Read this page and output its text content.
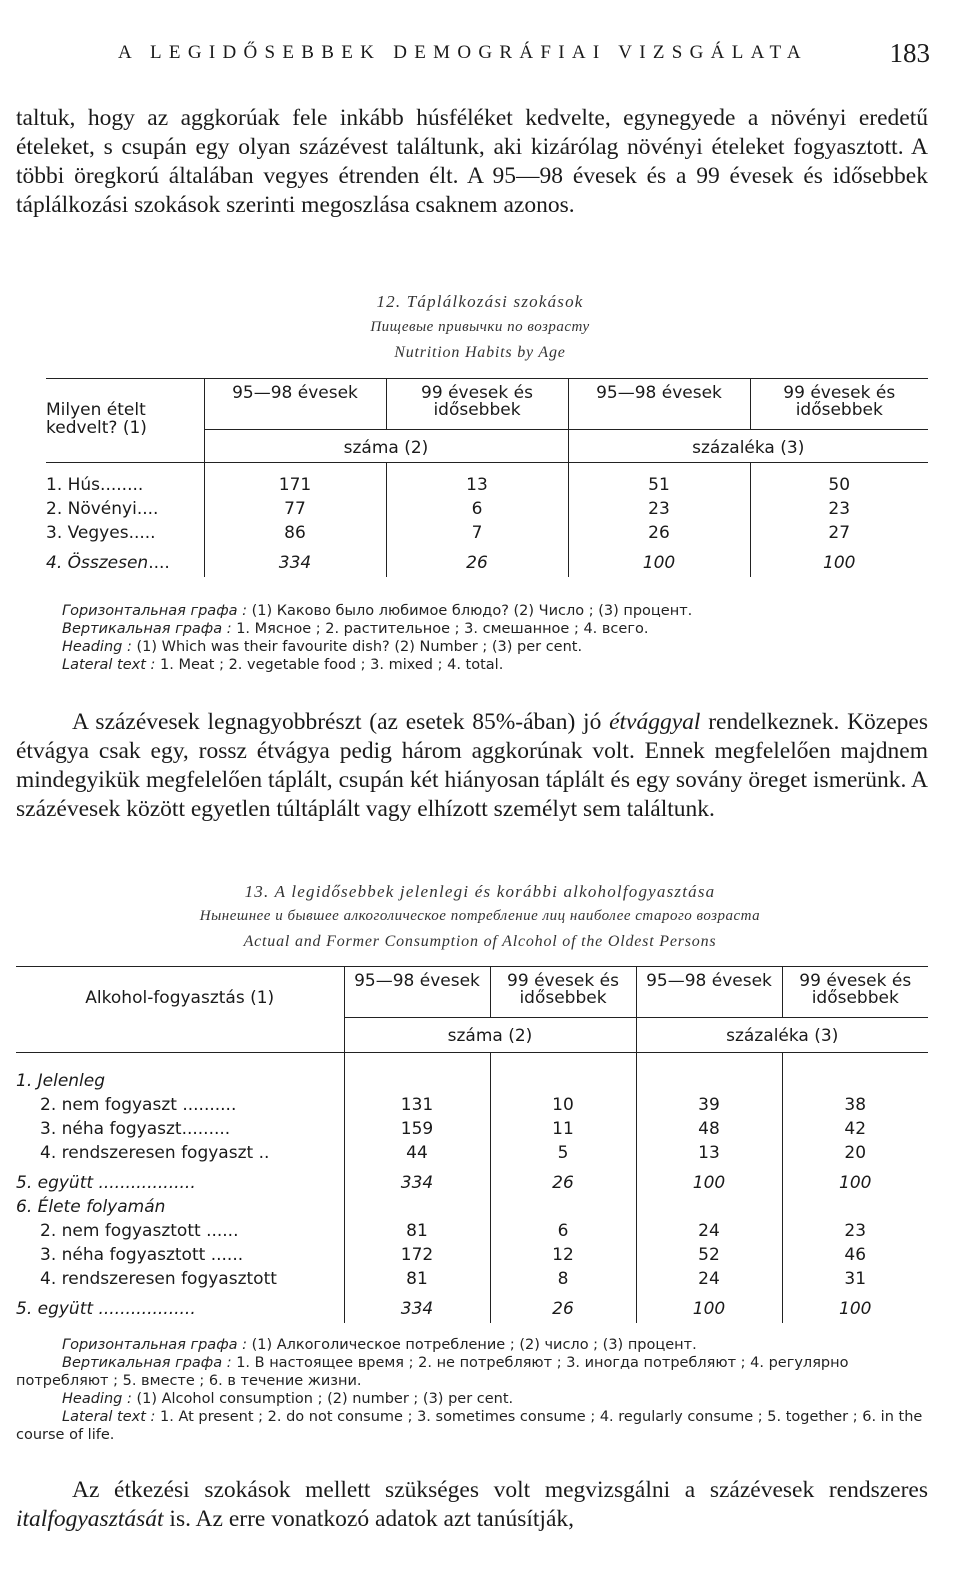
A LEGIDŐSEBBEK DEMOGRÁFIAI VIZSGÁLATA	183

taltuk, hogy az aggkorúak fele inkább húsféléket kedvelte, egynegyede a növényi eredetű ételeket, s csupán egy olyan százévest találtunk, aki kizárólag növényi ételeket fogyasztott. A többi öregkorú általában vegyes étrenden élt. A 95—98 évesek és a 99 évesek és idősebbek táplálkozási szokások szerinti megoszlása csaknem azonos.

12. Táplálkozási szokások
Пищевые привычки по возрасту
Nutrition Habits by Age
Milyen ételt kedvelt? (1)	95—98 évesek	99 évesek és idősebbek	95—98 évesek	99 évesek és idősebbek
	száma (2)		százaléka (3)	

1. Hús........	171	13	51	50
2. Növényi....	77	6	23	23
3. Vegyes.....	86	7	26	27
4. Összesen....	334	26	100	100
Горизонтальная графа : (1) Каково было любимое блюдо? (2) Число ; (3) процент.
Вертикальная графа : 1. Мясное ; 2. растительное ; 3. смешанное ; 4. всего.
Heading : (1) Which was their favourite dish? (2) Number ; (3) per cent.
Lateral text : 1. Meat ; 2. vegetable food ; 3. mixed ; 4. total.

A százévesek legnagyobbrészt (az esetek 85%-ában) jó étvággyal rendelkeznek. Közepes étvágya csak egy, rossz étvágya pedig három aggkorúnak volt. Ennek megfelelően majdnem mindegyikük megfelelően táplált, csupán két hiányosan táplált és egy sovány öreget ismerünk. A százévesek között egyetlen túltáplált vagy elhízott személyt sem találtunk.

13. A legidősebbek jelenlegi és korábbi alkoholfogyasztása
Нынешнее и бывшее алкоголическое потребление лиц наиболее старого возраста
Actual and Former Consumption of Alcohol of the Oldest Persons
Alkohol-fogyasztás (1)	95—98 évesek	99 évesek és idősebbek	95—98 évesek	99 évesek és idősebbek
	száma (2)		százaléka (3)	

1. Jelenleg				
2. nem fogyaszt ..........	131	10	39	38
3. néha fogyaszt.........	159	11	48	42
4. rendszeresen fogyaszt ..	44	5	13	20
5. együtt ..................	334	26	100	100
6. Élete folyamán				
2. nem fogyasztott ......	81	6	24	23
3. néha fogyasztott ......	172	12	52	46
4. rendszeresen fogyasztott	81	8	24	31
5. együtt ..................	334	26	100	100
Горизонтальная графа : (1) Алкоголическое потребление ; (2) число ; (3) процент.
Вертикальная графа : 1. В настоящее время ; 2. не потребляют ; 3. иногда потребляют ; 4. регулярно потребляют ; 5. вместе ; 6. в течение жизни.
Heading : (1) Alcohol consumption ; (2) number ; (3) per cent.
Lateral text : 1. At present ; 2. do not consume ; 3. sometimes consume ; 4. regularly consume ; 5. together ; 6. in the course of life.

Az étkezési szokások mellett szükséges volt megvizsgálni a százévesek rendszeres italfogyasztását is. Az erre vonatkozó adatok azt tanúsítják,
